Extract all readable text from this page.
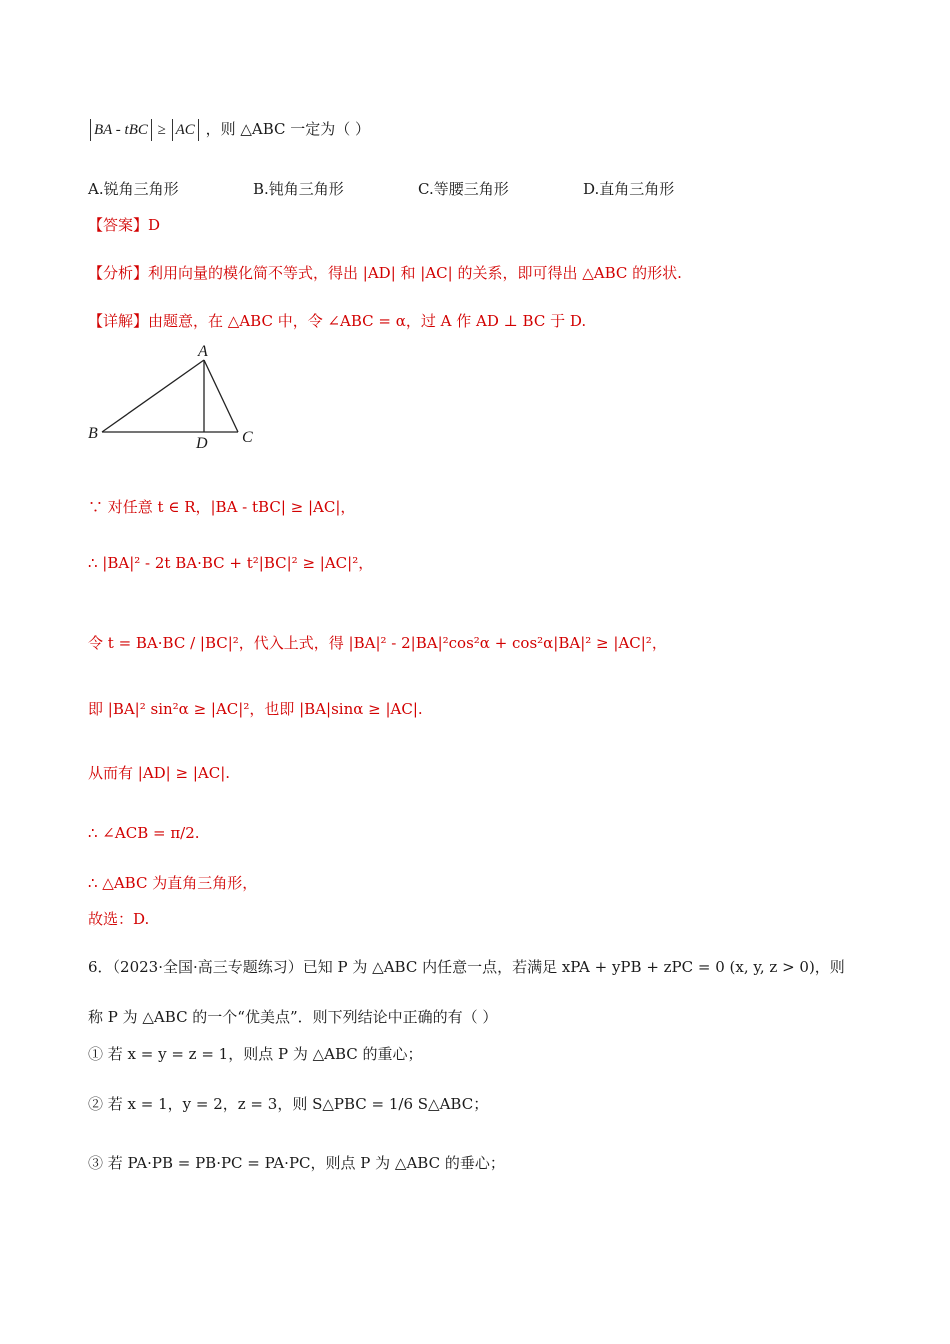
BA - tBC ≥ AC ，则 △ABC 一定为（ ）
A.锐角三角形	B.钝角三角形	C.等腰三角形	D.直角三角形
【答案】D
【分析】利用向量的模化简不等式，得出 |AD| 和 |AC| 的关系，即可得出 △ABC 的形状.
【详解】由题意，在 △ABC 中，令 ∠ABC = α，过 A 作 AD ⊥ BC 于 D.
A
B	C
D
∵ 对任意 t ∈ R，|BA - tBC| ≥ |AC|，
∴ |BA|² - 2t BA·BC + t²|BC|² ≥ |AC|²，
令 t = BA·BC / |BC|²，代入上式，得 |BA|² - 2|BA|²cos²α + cos²α|BA|² ≥ |AC|²，
即 |BA|² sin²α ≥ |AC|²，也即 |BA|sinα ≥ |AC|.
从而有 |AD| ≥ |AC|.
∴ ∠ACB = π/2.
∴ △ABC 为直角三角形，
故选：D.
6．（2023·全国·高三专题练习）已知 P 为 △ABC 内任意一点，若满足 xPA + yPB + zPC = 0 (x, y, z > 0)，则
称 P 为 △ABC 的一个“优美点”．则下列结论中正确的有（ ）
① 若 x = y = z = 1，则点 P 为 △ABC 的重心；
② 若 x = 1，y = 2，z = 3，则 S△PBC = 1/6 S△ABC；
③ 若 PA·PB = PB·PC = PA·PC，则点 P 为 △ABC 的垂心；
